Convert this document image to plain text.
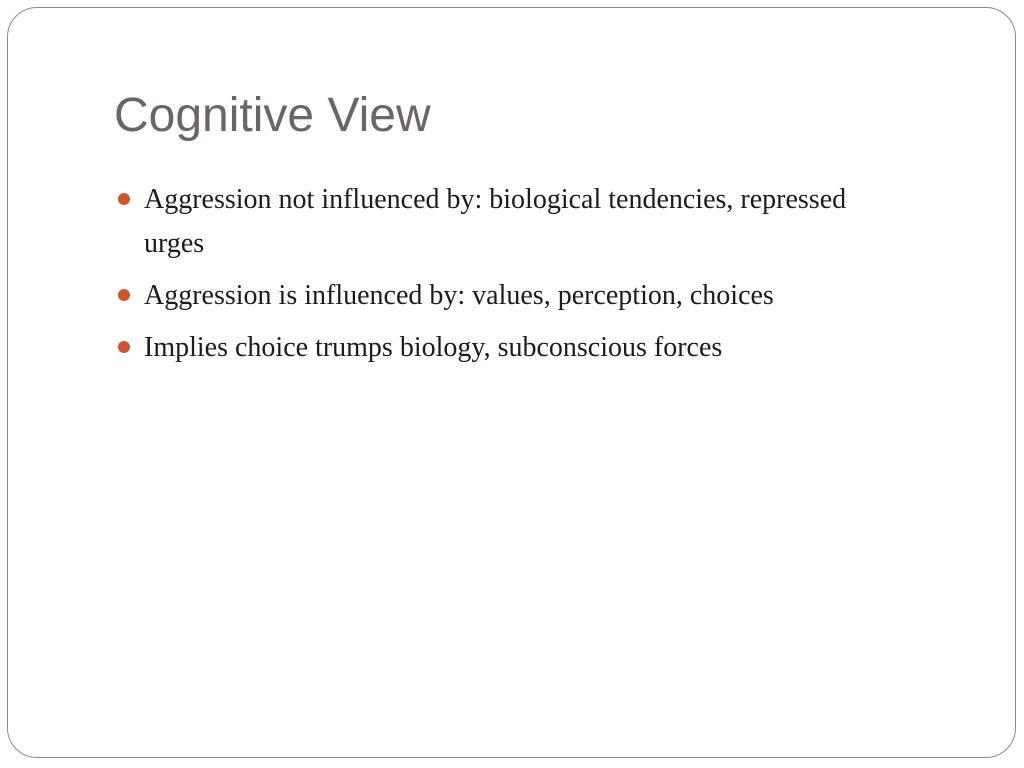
Cognitive View
Aggression not influenced by: biological tendencies, repressed urges
Aggression is influenced by: values, perception, choices
Implies choice trumps biology, subconscious forces
